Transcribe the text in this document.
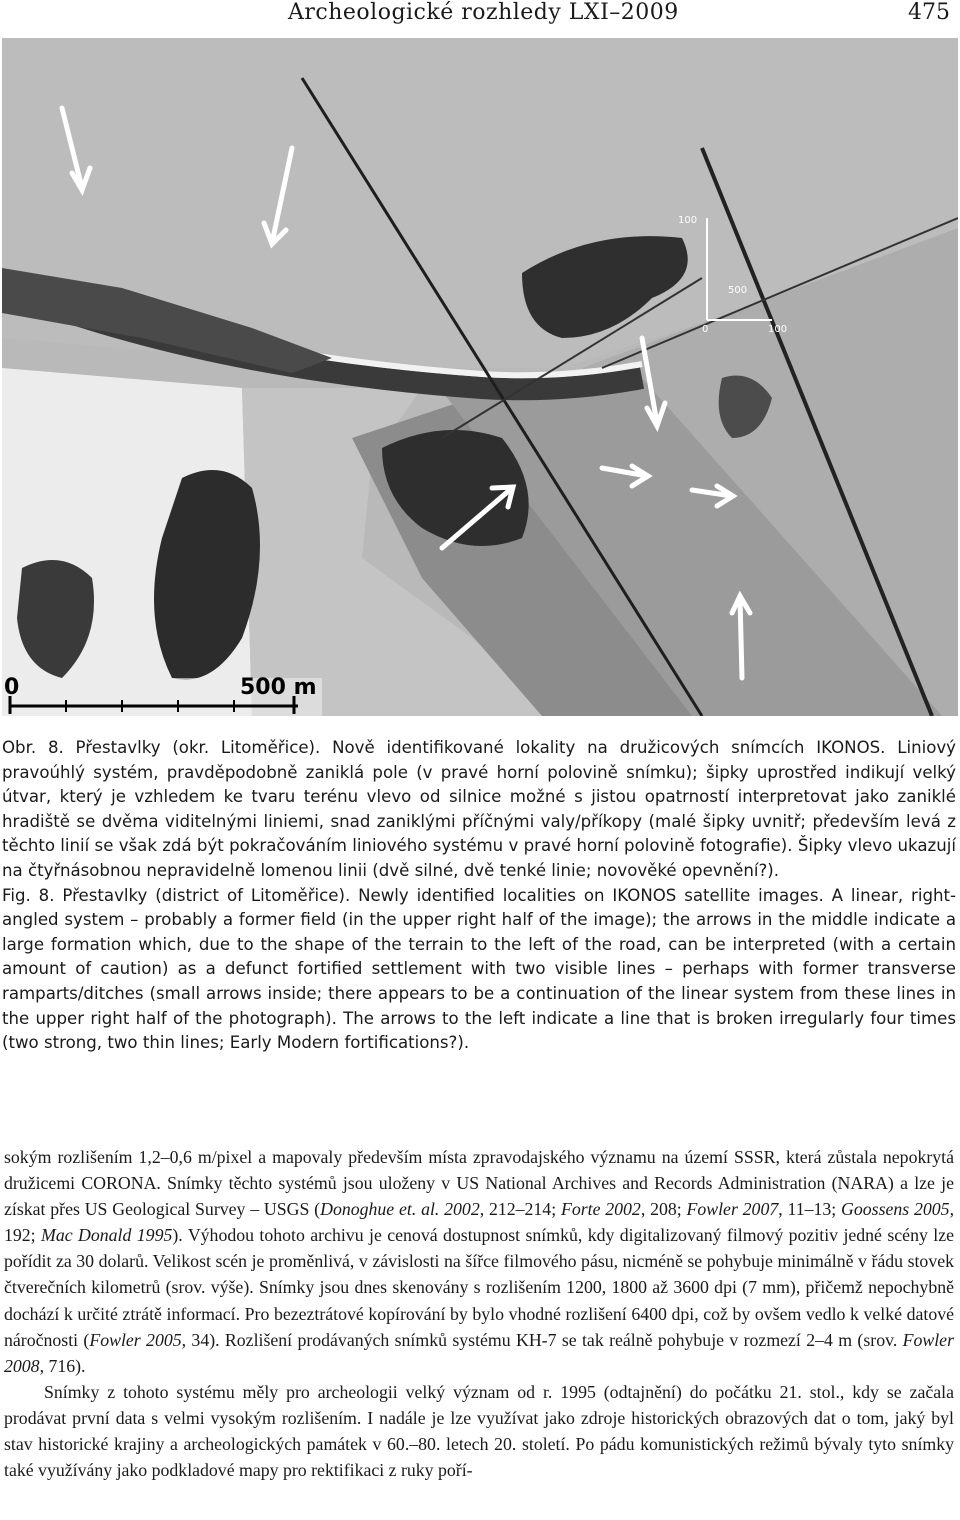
Archeologické rozhledy LXI–2009	475
100
500
0	100
0	500 m

Obr. 8. Přestavlky (okr. Litoměřice). Nově identifikované lokality na družicových snímcích IKONOS. Liniový pravoúhlý systém, pravděpodobně zaniklá pole (v pravé horní polovině snímku); šipky uprostřed indikují velký útvar, který je vzhledem ke tvaru terénu vlevo od silnice možné s jistou opatrností interpretovat jako zaniklé hradiště se dvěma viditelnými liniemi, snad zaniklými příčnými valy/příkopy (malé šipky uvnitř; především levá z těchto linií se však zdá být pokračováním liniového systému v pravé horní polovině fotografie). Šipky vlevo ukazují na čtyřnásobnou nepravidelně lomenou linii (dvě silné, dvě tenké linie; novověké opevnění?).

Fig. 8. Přestavlky (district of Litoměřice). Newly identified localities on IKONOS satellite images. A linear, right-angled system – probably a former field (in the upper right half of the image); the arrows in the middle indicate a large formation which, due to the shape of the terrain to the left of the road, can be interpreted (with a certain amount of caution) as a defunct fortified settlement with two visible lines – perhaps with former transverse ramparts/ditches (small arrows inside; there appears to be a continuation of the linear system from these lines in the upper right half of the photograph). The arrows to the left indicate a line that is broken irregularly four times (two strong, two thin lines; Early Modern fortifications?).

sokým rozlišením 1,2–0,6 m/pixel a mapovaly především místa zpravodajského významu na území SSSR, která zůstala nepokrytá družicemi CORONA. Snímky těchto systémů jsou uloženy v US National Archives and Records Administration (NARA) a lze je získat přes US Geological Survey – USGS (Donoghue et. al. 2002, 212–214; Forte 2002, 208; Fowler 2007, 11–13; Goossens 2005, 192; Mac Donald 1995). Výhodou tohoto archivu je cenová dostupnost snímků, kdy digitalizovaný filmový pozitiv jedné scény lze pořídit za 30 dolarů. Velikost scén je proměnlivá, v závislosti na šířce filmového pásu, nicméně se pohybuje minimálně v řádu stovek čtverečních kilometrů (srov. výše). Snímky jsou dnes skenovány s rozlišením 1200, 1800 až 3600 dpi (7 mm), přičemž nepochybně dochází k určité ztrátě informací. Pro bezeztrátové kopírování by bylo vhodné rozlišení 6400 dpi, což by ovšem vedlo k velké datové náročnosti (Fowler 2005, 34). Rozlišení prodávaných snímků systému KH-7 se tak reálně pohybuje v rozmezí 2–4 m (srov. Fowler 2008, 716).

Snímky z tohoto systému měly pro archeologii velký význam od r. 1995 (odtajnění) do počátku 21. stol., kdy se začala prodávat první data s velmi vysokým rozlišením. I nadále je lze využívat jako zdroje historických obrazových dat o tom, jaký byl stav historické krajiny a archeologických památek v 60.–80. letech 20. století. Po pádu komunistických režimů bývaly tyto snímky také využívány jako podkladové mapy pro rektifikaci z ruky poří-
